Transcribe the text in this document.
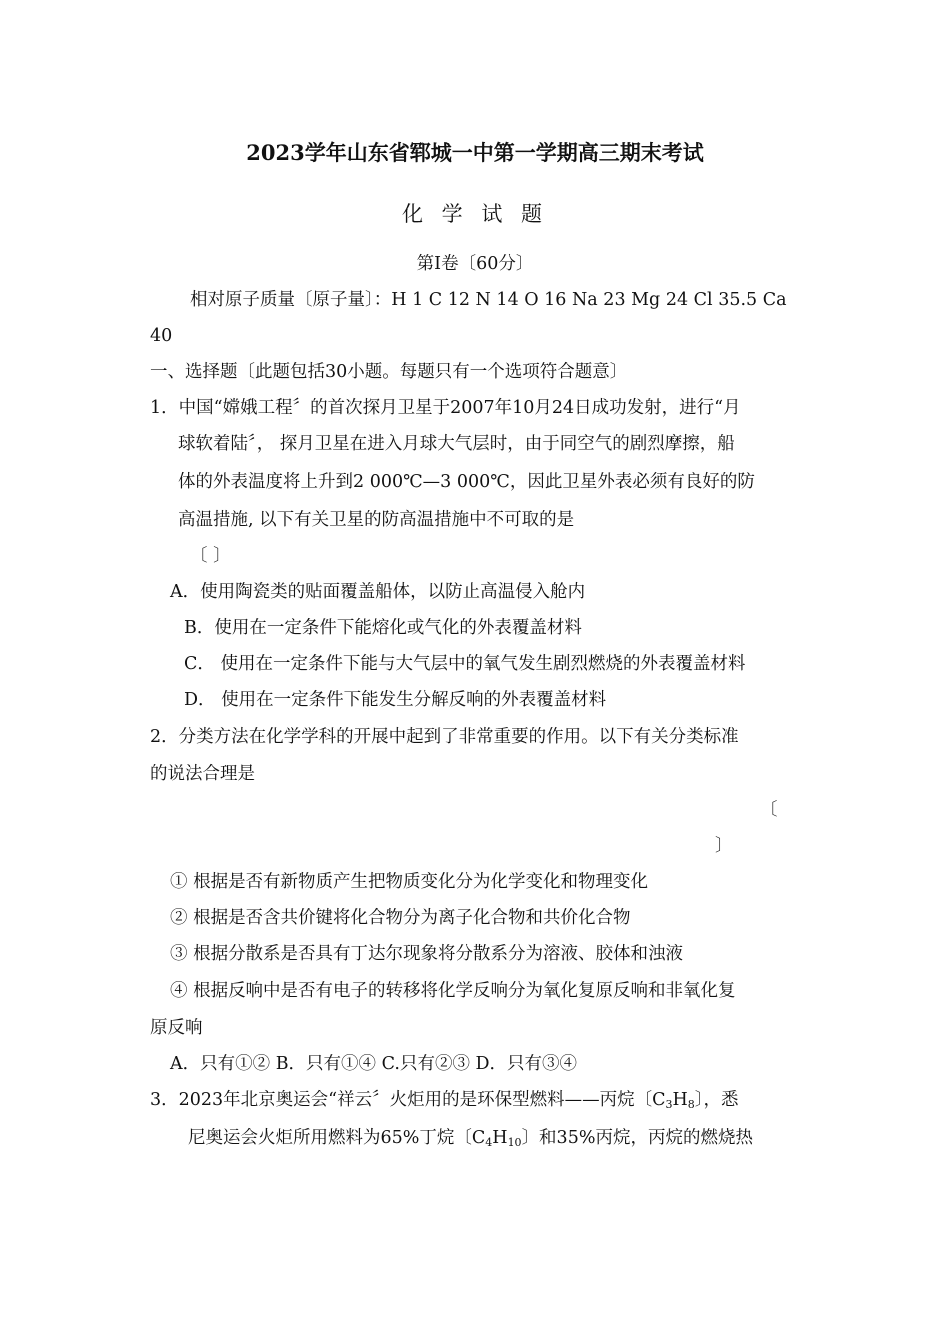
2023学年山东省郓城一中第一学期高三期末考试
化 学 试 题
第I卷〔60分〕
相对原子质量〔原子量〕：H 1 C 12 N 14 O 16 Na 23 Mg 24 Cl 35.5 Ca
40
一、选择题〔此题包括30小题。每题只有一个选项符合题意〕
1．中国“嫦娥工程〞的首次探月卫星于2007年10月24日成功发射，进行“月
球软着陆〞， 探月卫星在进入月球大气层时，由于同空气的剧烈摩擦，船
体的外表温度将上升到2 000℃—3 000℃，因此卫星外表必须有良好的防
高温措施, 以下有关卫星的防高温措施中不可取的是
〔 〕
A．使用陶瓷类的贴面覆盖船体，以防止高温侵入舱内
B．使用在一定条件下能熔化或气化的外表覆盖材料
C． 使用在一定条件下能与大气层中的氧气发生剧烈燃烧的外表覆盖材料
D． 使用在一定条件下能发生分解反响的外表覆盖材料
2．分类方法在化学学科的开展中起到了非常重要的作用。以下有关分类标准
的说法合理是
〔
〕
① 根据是否有新物质产生把物质变化分为化学变化和物理变化
② 根据是否含共价键将化合物分为离子化合物和共价化合物
③ 根据分散系是否具有丁达尔现象将分散系分为溶液、胶体和浊液
④ 根据反响中是否有电子的转移将化学反响分为氧化复原反响和非氧化复
原反响
A．只有①② B．只有①④ C.只有②③ D．只有③④
3．2023年北京奥运会“祥云〞火炬用的是环保型燃料——丙烷〔$C_3H_8$〕，悉
尼奥运会火炬所用燃料为65%丁烷〔$C_4H_{10}$〕和35%丙烷，丙烷的燃烧热
